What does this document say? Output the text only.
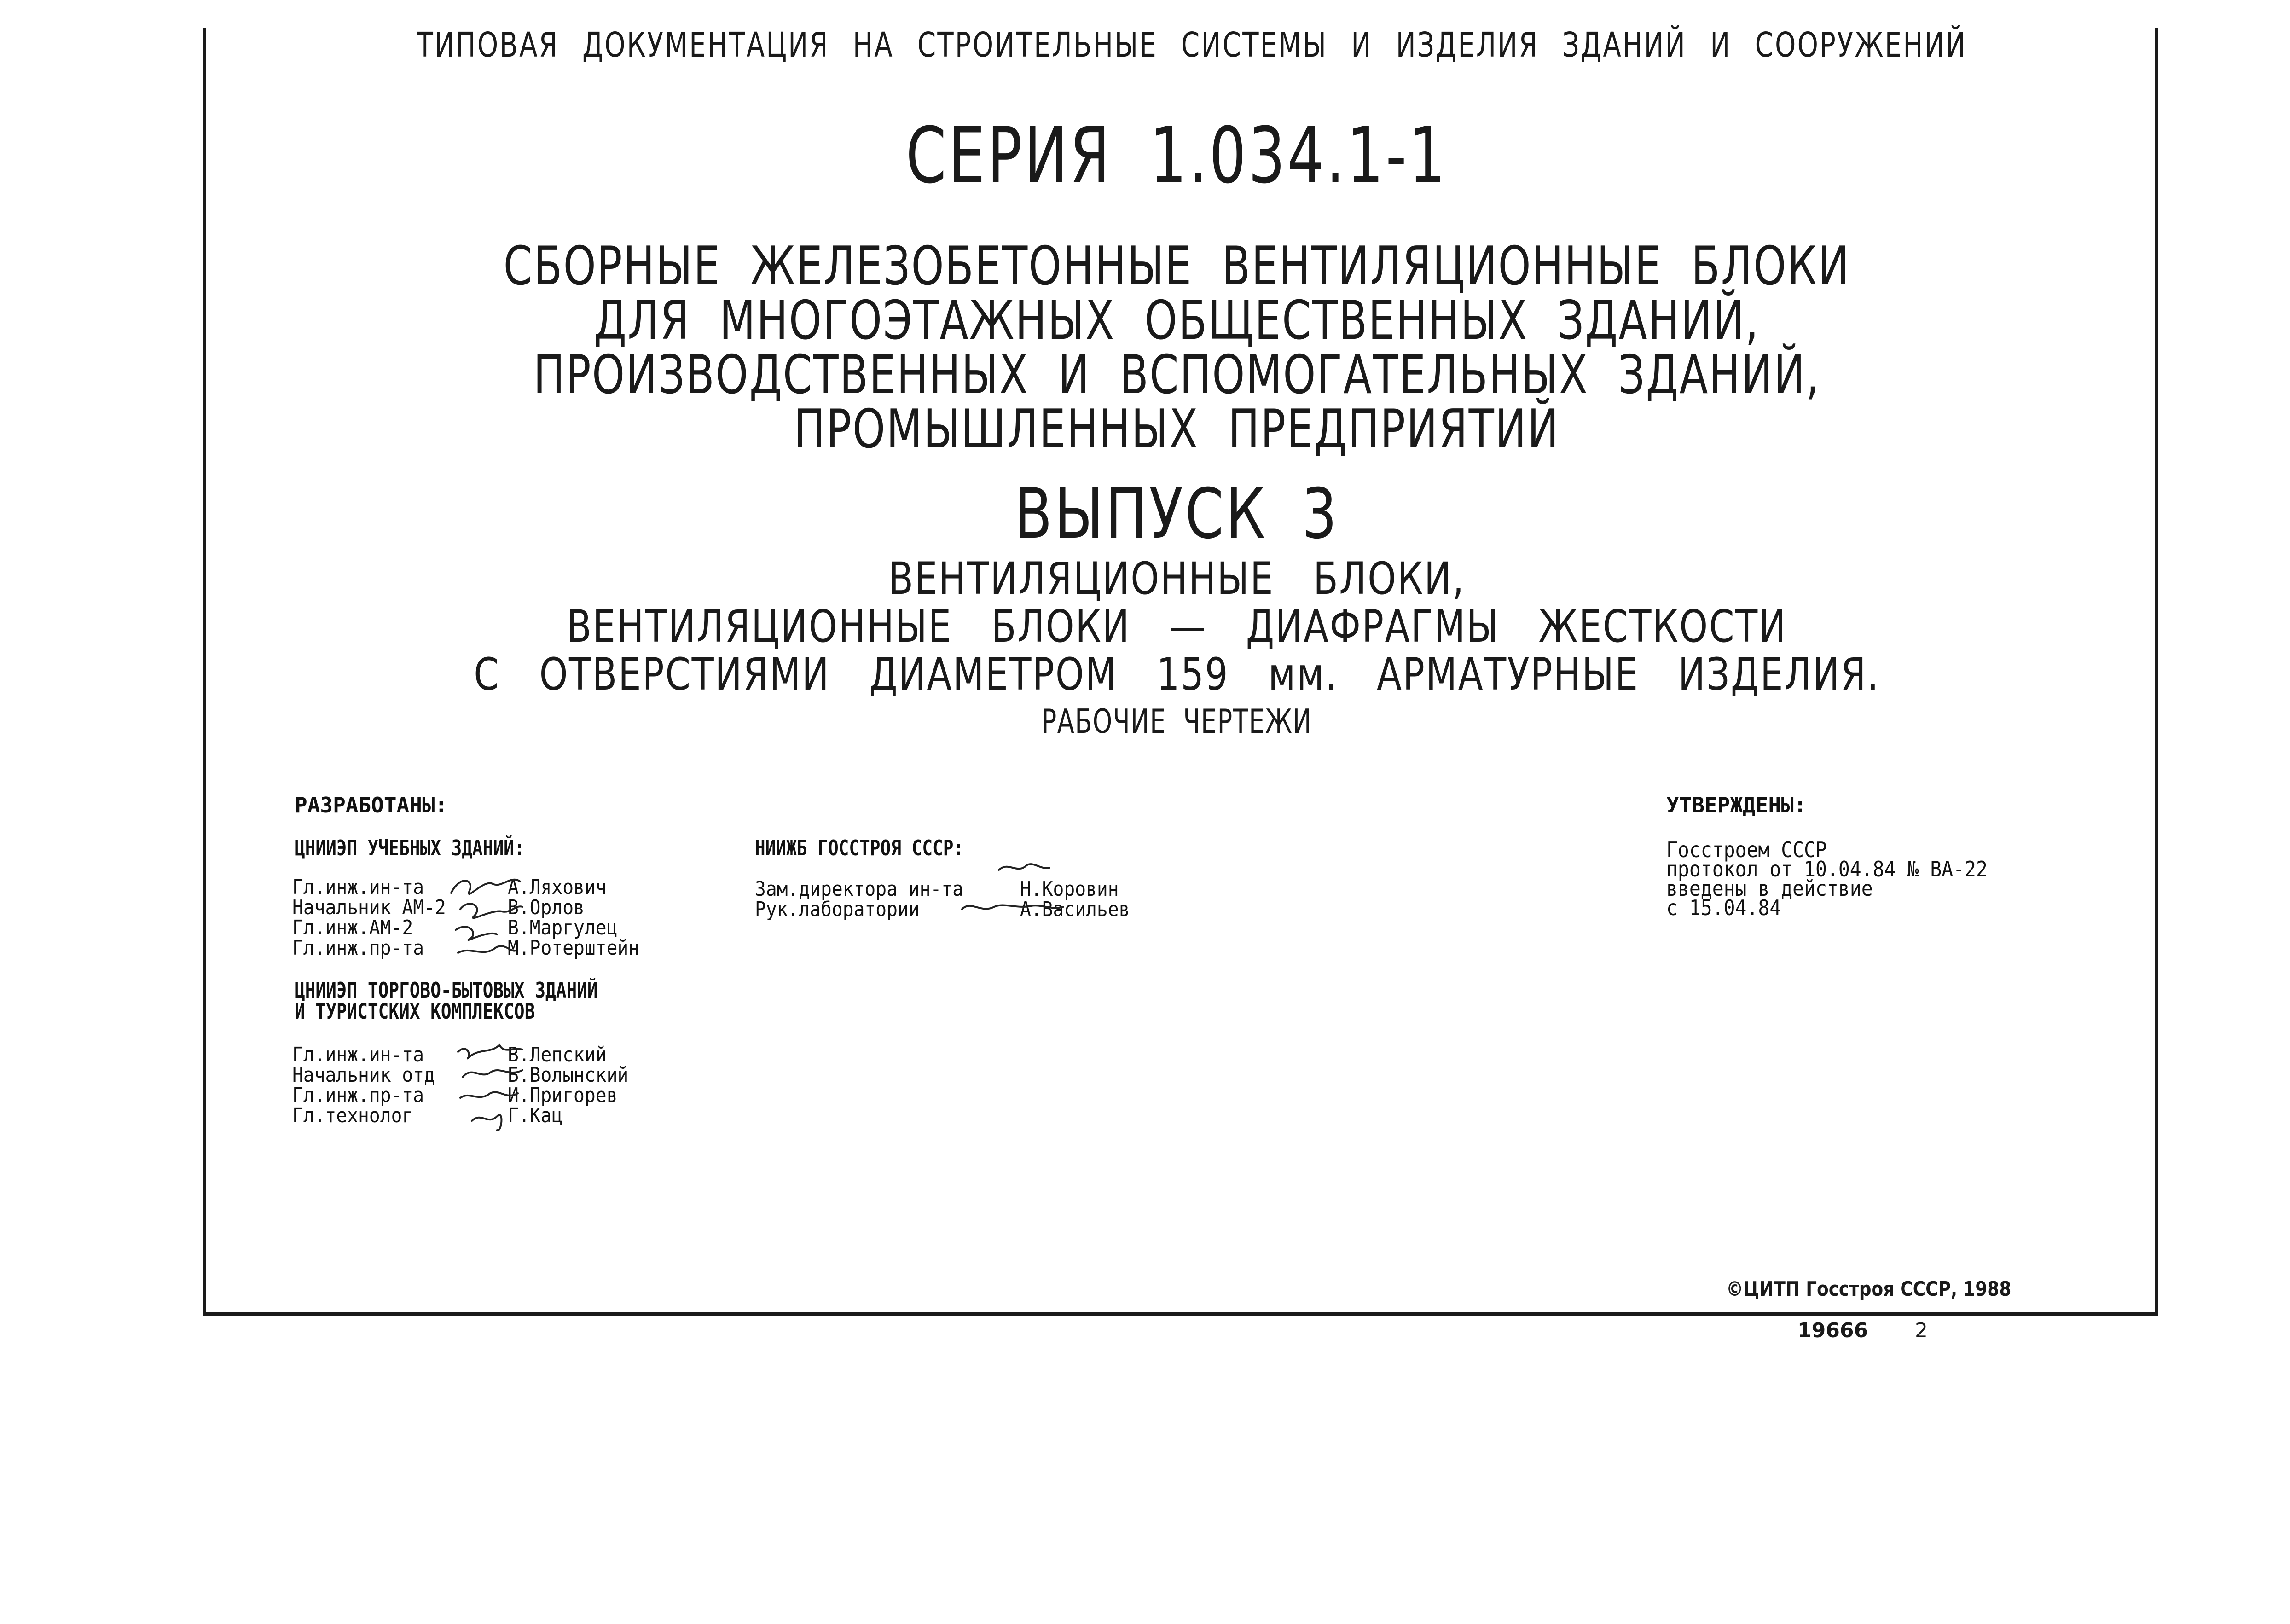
ТИПОВАЯ ДОКУМЕНТАЦИЯ НА СТРОИТЕЛЬНЫЕ СИСТЕМЫ И ИЗДЕЛИЯ ЗДАНИЙ И СООРУЖЕНИЙ
СЕРИЯ 1.034.1-1
СБОРНЫЕ ЖЕЛЕЗОБЕТОННЫЕ ВЕНТИЛЯЦИОННЫЕ БЛОКИ
ДЛЯ МНОГОЭТАЖНЫХ ОБЩЕСТВЕННЫХ ЗДАНИЙ,
ПРОИЗВОДСТВЕННЫХ И ВСПОМОГАТЕЛЬНЫХ ЗДАНИЙ,
ПРОМЫШЛЕННЫХ ПРЕДПРИЯТИЙ
ВЫПУСК 3
ВЕНТИЛЯЦИОННЫЕ БЛОКИ,
ВЕНТИЛЯЦИОННЫЕ БЛОКИ — ДИАФРАГМЫ ЖЕСТКОСТИ
С ОТВЕРСТИЯМИ ДИАМЕТРОМ 159 мм. АРМАТУРНЫЕ ИЗДЕЛИЯ.
РАБОЧИЕ ЧЕРТЕЖИ
РАЗРАБОТАНЫ:
ЦНИИЭП УЧЕБНЫХ ЗДАНИЙ:
Гл.инж.ин-та	А.Ляхович
Начальник АМ-2	В.Орлов
Гл.инж.АМ-2	В.Маргулец
Гл.инж.пр-та	М.Ротерштейн
ЦНИИЭП ТОРГОВО-БЫТОВЫХ ЗДАНИЙ
И ТУРИСТСКИХ КОМПЛЕКСОВ
Гл.инж.ин-та	В.Лепский
Начальник отд	Б.Волынский
Гл.инж.пр-та	И.Пригорев
Гл.технолог	Г.Кац
НИИЖБ ГОССТРОЯ СССР:
Зам.директора ин-та	Н.Коровин
Рук.лаборатории	А.Васильев
УТВЕРЖДЕНЫ:
Госстроем СССР
протокол от 10.04.84 № ВА-22
введены в действие
с 15.04.84
©ЦИТП Госстроя СССР, 1988
19666 2
